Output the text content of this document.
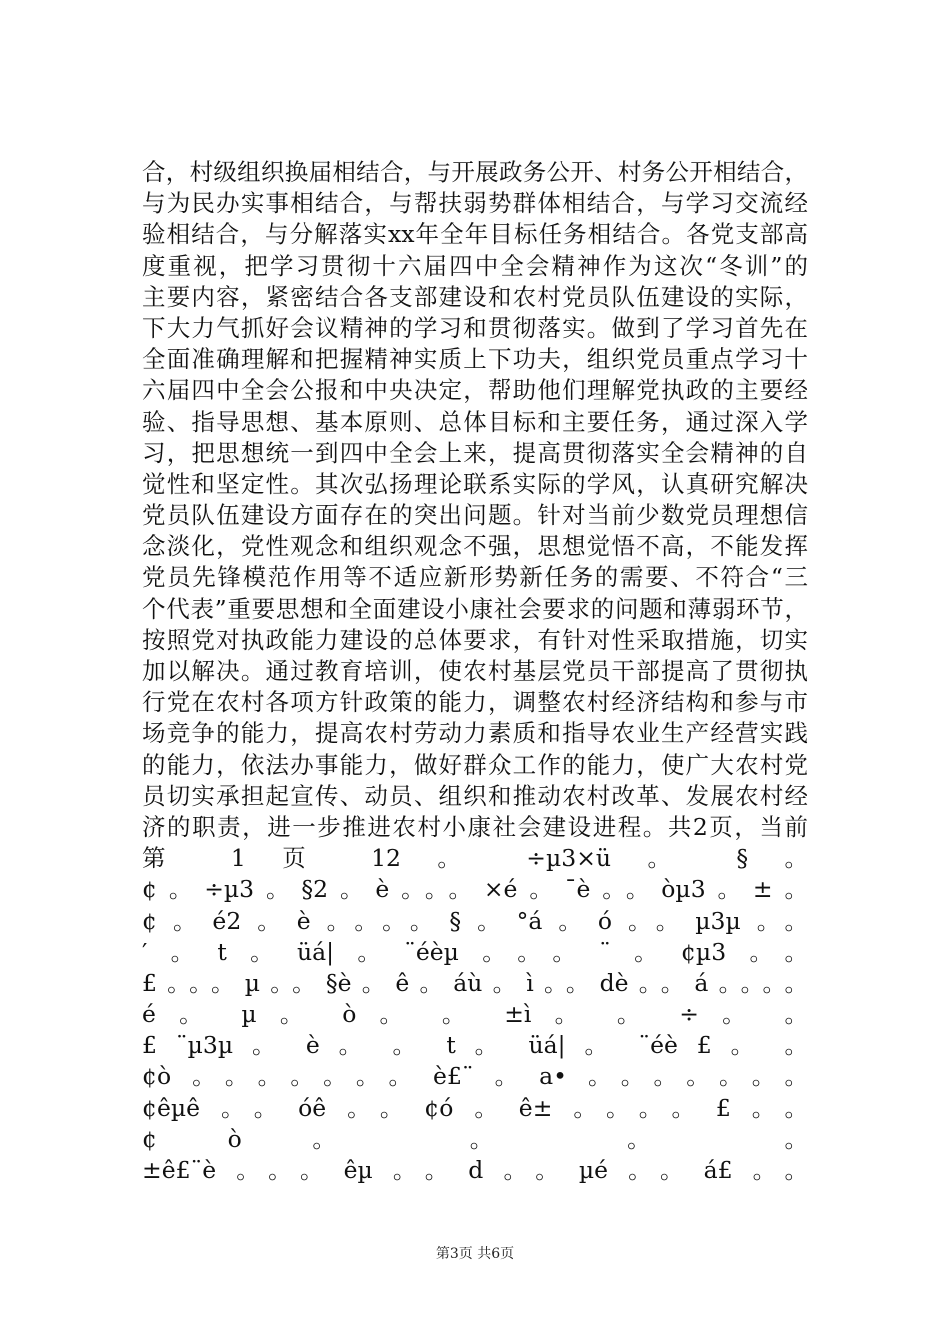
合，村级组织换届相结合，与开展政务公开、村务公开相结合，
与为民办实事相结合，与帮扶弱势群体相结合，与学习交流经
验相结合，与分解落实xx年全年目标任务相结合。各党支部高
度重视，把学习贯彻十六届四中全会精神作为这次“冬训”的
主要内容，紧密结合各支部建设和农村党员队伍建设的实际，
下大力气抓好会议精神的学习和贯彻落实。做到了学习首先在
全面准确理解和把握精神实质上下功夫，组织党员重点学习十
六届四中全会公报和中央决定，帮助他们理解党执政的主要经
验、指导思想、基本原则、总体目标和主要任务，通过深入学
习，把思想统一到四中全会上来，提高贯彻落实全会精神的自
觉性和坚定性。其次弘扬理论联系实际的学风，认真研究解决
党员队伍建设方面存在的突出问题。针对当前少数党员理想信
念淡化，党性观念和组织观念不强，思想觉悟不高，不能发挥
党员先锋模范作用等不适应新形势新任务的需要、不符合“三
个代表”重要思想和全面建设小康社会要求的问题和薄弱环节，
按照党对执政能力建设的总体要求，有针对性采取措施，切实
加以解决。通过教育培训，使农村基层党员干部提高了贯彻执
行党在农村各项方针政策的能力，调整农村经济结构和参与市
场竞争的能力，提高农村劳动力素质和指导农业生产经营实践
的能力，依法办事能力，做好群众工作的能力，使广大农村党
员切实承担起宣传、动员、组织和推动农村改革、发展农村经
济的职责，进一步推进农村小康社会建设进程。共2页，当前
第 1 页 12 。 ÷µ3×ü 。 § 。
¢。÷µ3。§2。è。。。×é。¯è。。òµ3。±。
¢。é2。è。。。。§。°á。ó。。µ3µ。。
′。t。üá|。¨éèµ。。。¨。¢µ3。。
£。。。µ。。§è。ê。áù。ì。。dè。。á。。。。
é 。 µ 。 ò 。 。 ±ì 。 。 ÷ 。 。
£ ¨µ3µ 。 è 。 。 t 。 üá| 。 ¨éè £ 。 。
¢ò。。。。。。。è£¨。a•。。。。。。。
¢êµê。。óê。。¢ó。ê±。。。。£。。
¢ ò 。 。 。 。
±ê£¨è。。。êµ。。d。。µé。。á£。。
第3页 共6页
